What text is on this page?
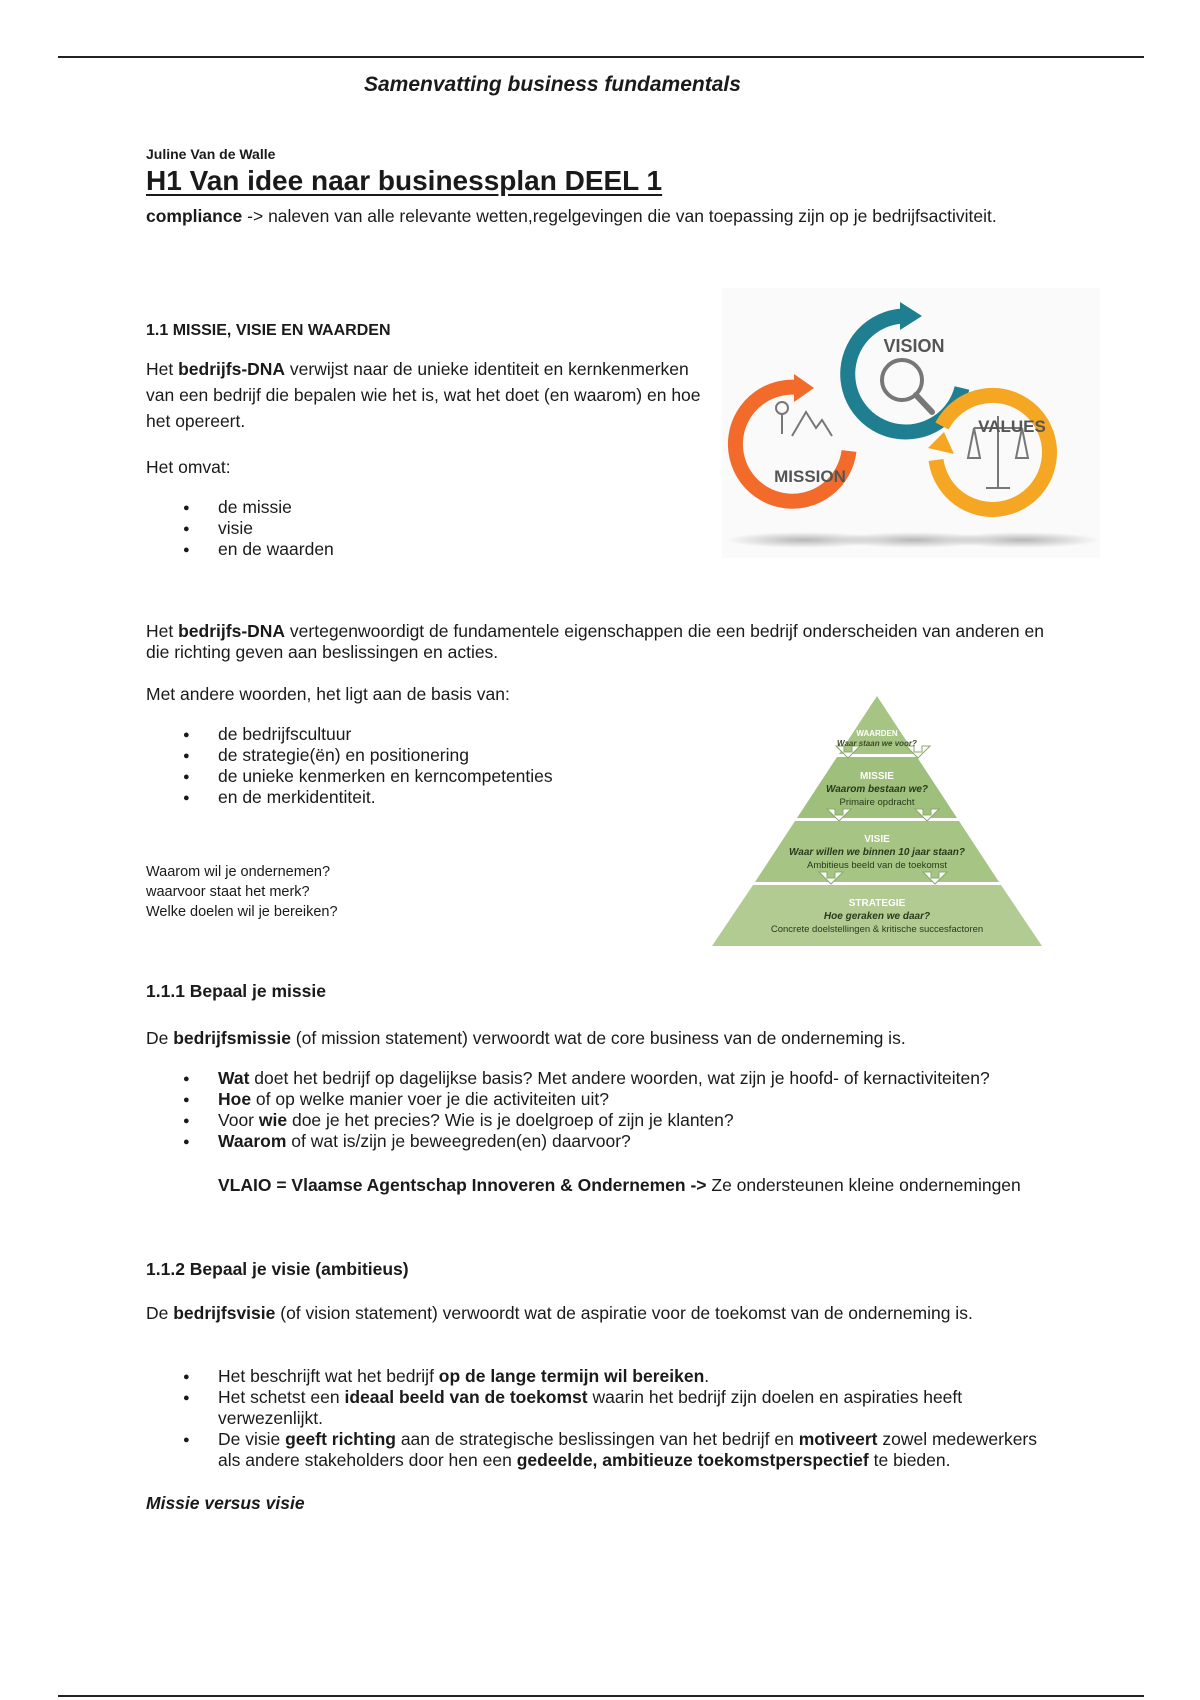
Samenvatting business fundamentals
Juline Van de Walle
H1 Van idee naar businessplan DEEL 1
compliance -> naleven van alle relevante wetten,regelgevingen die van toepassing zijn op je bedrijfsactiviteit.
1.1 MISSIE, VISIE EN WAARDEN
Het bedrijfs-DNA verwijst naar de unieke identiteit en kernkenmerken van een bedrijf die bepalen wie het is, wat het doet (en waarom) en hoe het opereert.
Het omvat:
● de missie
● visie
● en de waarden
VISION
MISSION
VALUES
Het bedrijfs-DNA vertegenwoordigt de fundamentele eigenschappen die een bedrijf onderscheiden van anderen en die richting geven aan beslissingen en acties.
Met andere woorden, het ligt aan de basis van:
● de bedrijfscultuur
● de strategie(ën) en positionering
● de unieke kenmerken en kerncompetenties
● en de merkidentiteit.
Waarom wil je ondernemen?
waarvoor staat het merk?
Welke doelen wil je bereiken?
WAARDEN
Waar staan we voor?
MISSIE
Waarom bestaan we?
Primaire opdracht
VISIE
Waar willen we binnen 10 jaar staan?
Ambitieus beeld van de toekomst
STRATEGIE
Hoe geraken we daar?
Concrete doelstellingen & kritische succesfactoren
1.1.1 Bepaal je missie
De bedrijfsmissie (of mission statement) verwoordt wat de core business van de onderneming is.
● Wat doet het bedrijf op dagelijkse basis? Met andere woorden, wat zijn je hoofd- of kernactiviteiten?
● Hoe of op welke manier voer je die activiteiten uit?
● Voor wie doe je het precies? Wie is je doelgroep of zijn je klanten?
● Waarom of wat is/zijn je beweegreden(en) daarvoor?
VLAIO = Vlaamse Agentschap Innoveren & Ondernemen -> Ze ondersteunen kleine ondernemingen
1.1.2 Bepaal je visie (ambitieus)
De bedrijfsvisie (of vision statement) verwoordt wat de aspiratie voor de toekomst van de onderneming is.
● Het beschrijft wat het bedrijf op de lange termijn wil bereiken.
● Het schetst een ideaal beeld van de toekomst waarin het bedrijf zijn doelen en aspiraties heeft verwezenlijkt.
● De visie geeft richting aan de strategische beslissingen van het bedrijf en motiveert zowel medewerkers als andere stakeholders door hen een gedeelde, ambitieuze toekomstperspectief te bieden.
Missie versus visie
